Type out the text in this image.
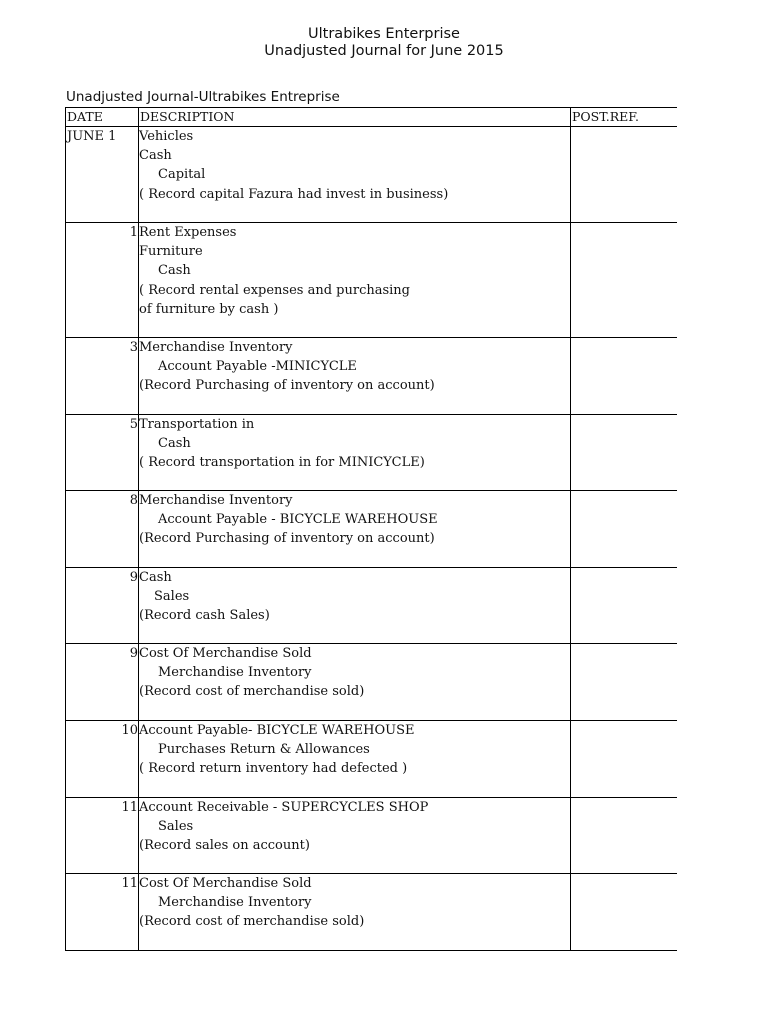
Ultrabikes Enterprise
Unadjusted Journal for June 2015
Unadjusted Journal-Ultrabikes Entreprise
DATE	DESCRIPTION	POST.REF.
JUNE 1	Vehicles
Cash
Capital
( Record capital Fazura had invest in business)	

1	Rent Expenses
Furniture
Cash
( Record rental expenses and purchasing
of furniture by cash )	

3	Merchandise Inventory
Account Payable -MINICYCLE
(Record Purchasing of inventory on account)	

5	Transportation in
Cash
( Record transportation in for MINICYCLE)	

8	Merchandise Inventory
Account Payable - BICYCLE WAREHOUSE
(Record Purchasing of inventory on account)	

9	Cash
Sales
(Record cash Sales)	

9	Cost Of Merchandise Sold
Merchandise Inventory
(Record cost of merchandise sold)	

10	Account Payable- BICYCLE WAREHOUSE
Purchases Return & Allowances
( Record return inventory had defected )	

11	Account Receivable - SUPERCYCLES SHOP
Sales
(Record sales on account)	

11	Cost Of Merchandise Sold
Merchandise Inventory
(Record cost of merchandise sold)	
